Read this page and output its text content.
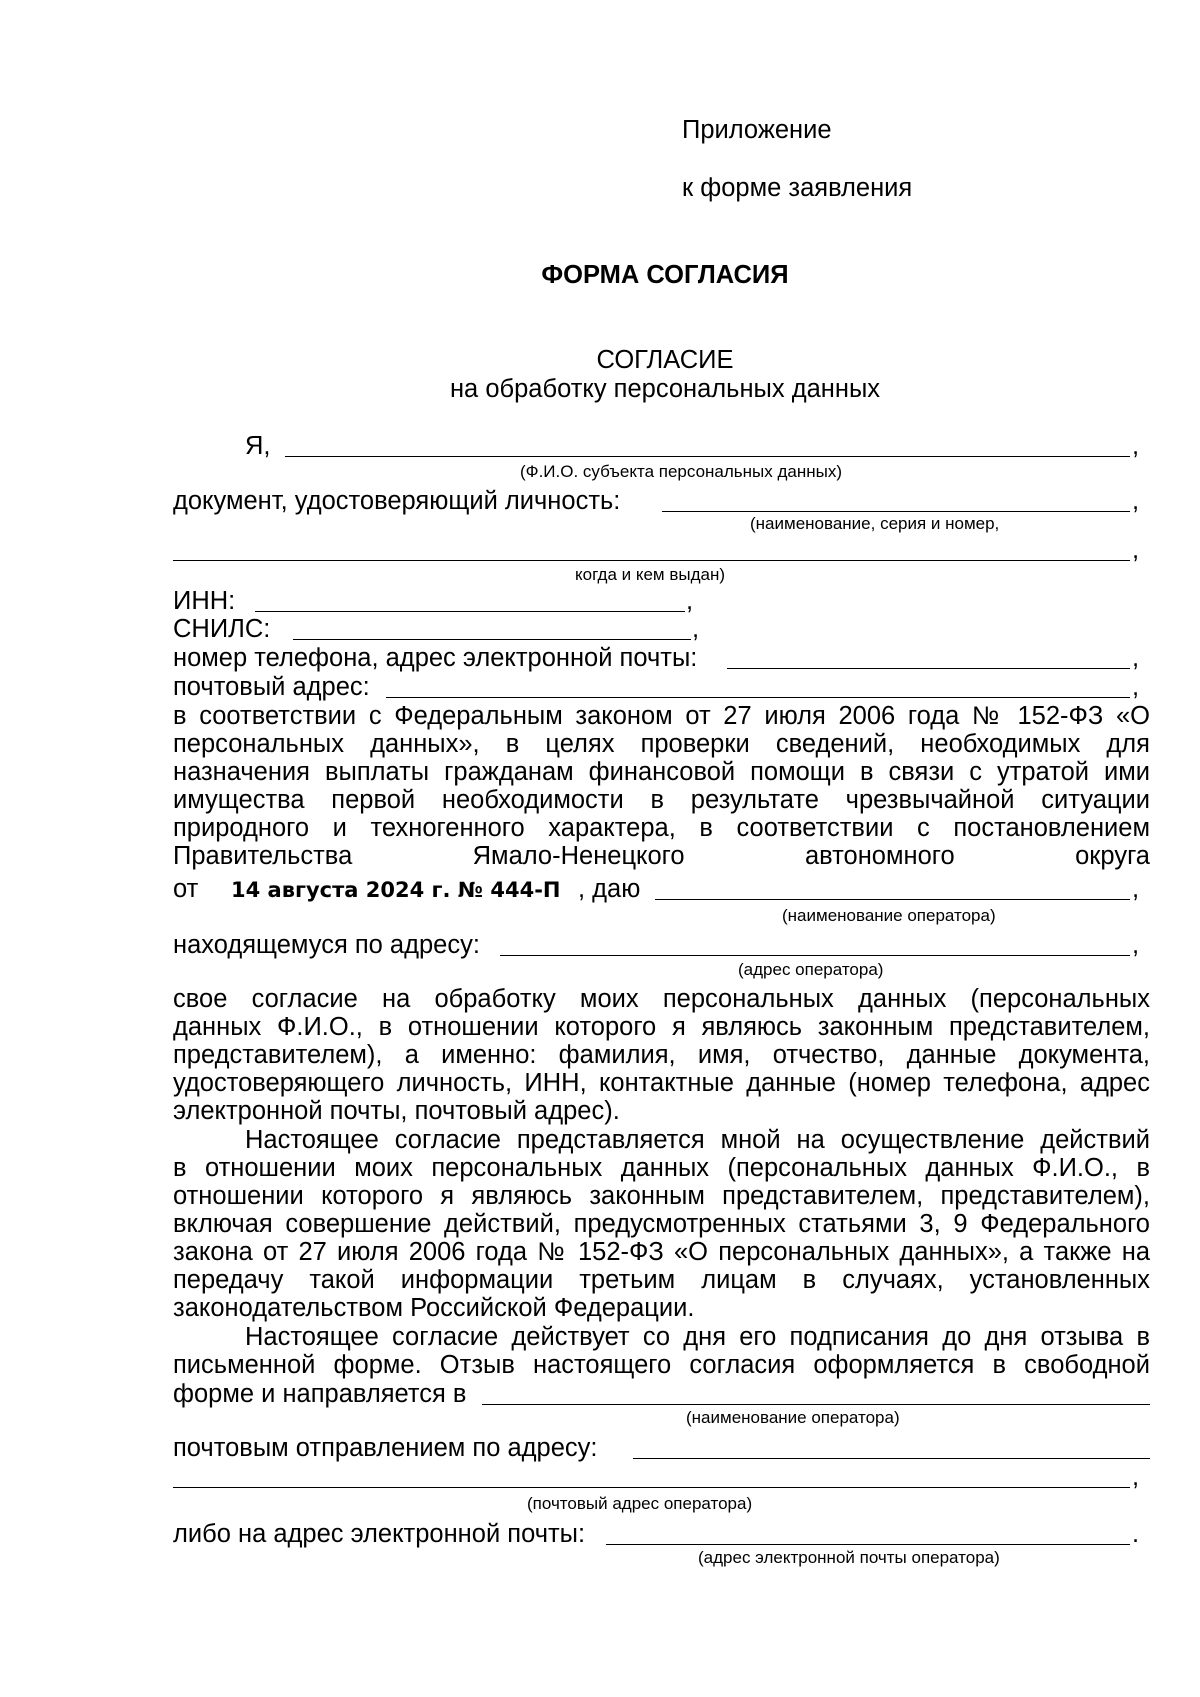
Приложение
к форме заявления
ФОРМА СОГЛАСИЯ
СОГЛАСИЕ
на обработку персональных данных
Я,	,
(Ф.И.О. субъекта персональных данных)
документ, удостоверяющий личность:	,
(наименование, серия и номер,
,
когда и кем выдан)
ИНН:	,
СНИЛС:	,
номер телефона, адрес электронной почты:	,
почтовый адрес:	,
в соответствии с Федеральным законом от 27 июля 2006 года № 152-ФЗ «О
персональных данных», в целях проверки сведений, необходимых для
назначения выплаты гражданам финансовой помощи в связи с утратой ими
имущества первой необходимости в результате чрезвычайной ситуации
природного и техногенного характера, в соответствии с постановлением
Правительства Ямало-Ненецкого автономного округа
от 14 августа 2024 г. № 444-П , даю	,
(наименование оператора)
находящемуся по адресу:	,
(адрес оператора)
свое согласие на обработку моих персональных данных (персональных
данных Ф.И.О., в отношении которого я являюсь законным представителем,
представителем), а именно: фамилия, имя, отчество, данные документа,
удостоверяющего личность, ИНН, контактные данные (номер телефона, адрес
электронной почты, почтовый адрес).
Настоящее согласие представляется мной на осуществление действий
в отношении моих персональных данных (персональных данных Ф.И.О., в
отношении которого я являюсь законным представителем, представителем),
включая совершение действий, предусмотренных статьями 3, 9 Федерального
закона от 27 июля 2006 года № 152-ФЗ «О персональных данных», а также на
передачу такой информации третьим лицам в случаях, установленных
законодательством Российской Федерации.
Настоящее согласие действует со дня его подписания до дня отзыва в
письменной форме. Отзыв настоящего согласия оформляется в свободной
форме и направляется в
(наименование оператора)
почтовым отправлением по адресу:
,
(почтовый адрес оператора)
либо на адрес электронной почты:	.
(адрес электронной почты оператора)
